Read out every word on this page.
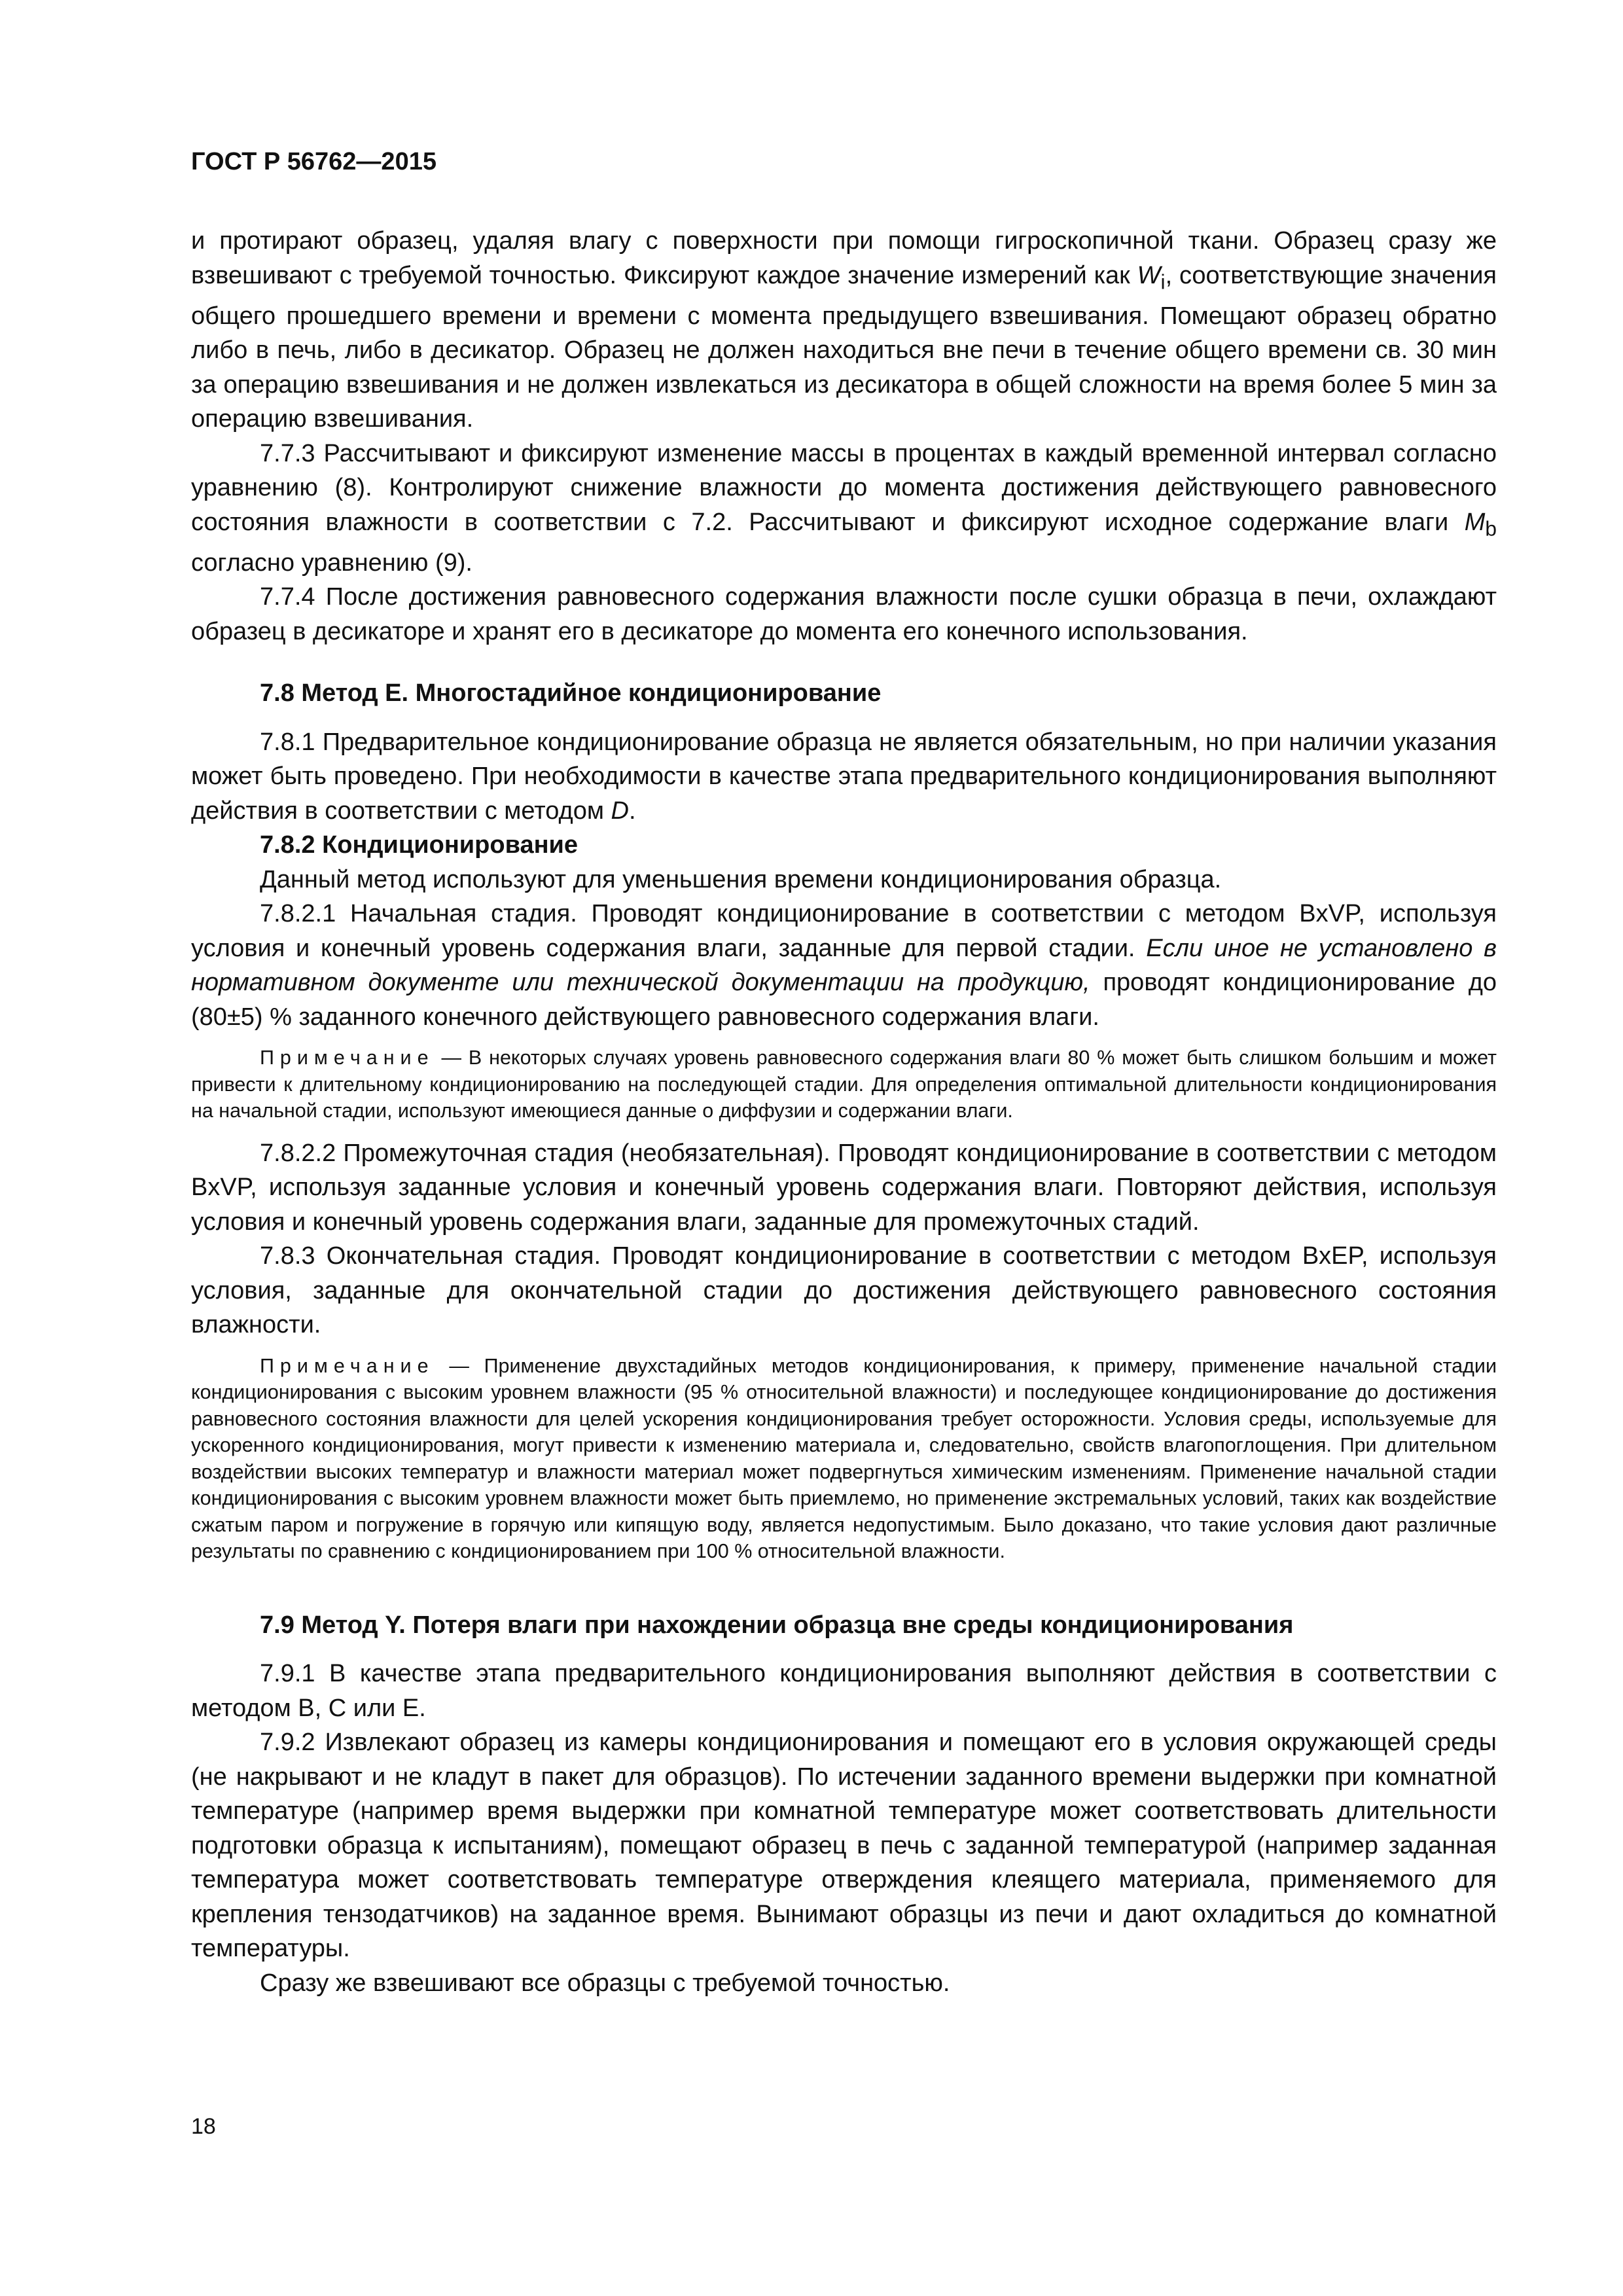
ГОСТ Р 56762—2015

и протирают образец, удаляя влагу с поверхности при помощи гигроскопичной ткани. Образец сразу же взвешивают с требуемой точностью. Фиксируют каждое значение измерений как $W_i$, соответствующие значения общего прошедшего времени и времени с момента предыдущего взвешивания. Помещают образец обратно либо в печь, либо в десикатор. Образец не должен находиться вне печи в течение общего времени св. 30 мин за операцию взвешивания и не должен извлекаться из десикатора в общей сложности на время более 5 мин за операцию взвешивания.

7.7.3 Рассчитывают и фиксируют изменение массы в процентах в каждый временной интервал согласно уравнению (8). Контролируют снижение влажности до момента достижения действующего равновесного состояния влажности в соответствии с 7.2. Рассчитывают и фиксируют исходное содержание влаги $M_b$ согласно уравнению (9).

7.7.4 После достижения равновесного содержания влажности после сушки образца в печи, охлаждают образец в десикаторе и хранят его в десикаторе до момента его конечного использования.

7.8 Метод Е. Многостадийное кондиционирование

7.8.1 Предварительное кондиционирование образца не является обязательным, но при наличии указания может быть проведено. При необходимости в качестве этапа предварительного кондиционирования выполняют действия в соответствии с методом D.

7.8.2 Кондиционирование

Данный метод используют для уменьшения времени кондиционирования образца.

7.8.2.1 Начальная стадия. Проводят кондиционирование в соответствии с методом BxVP, используя условия и конечный уровень содержания влаги, заданные для первой стадии. Если иное не установлено в нормативном документе или технической документации на продукцию, проводят кондиционирование до (80±5) % заданного конечного действующего равновесного содержания влаги.

Примечание — В некоторых случаях уровень равновесного содержания влаги 80 % может быть слишком большим и может привести к длительному кондиционированию на последующей стадии. Для определения оптимальной длительности кондиционирования на начальной стадии, используют имеющиеся данные о диффузии и содержании влаги.

7.8.2.2 Промежуточная стадия (необязательная). Проводят кондиционирование в соответствии с методом BxVP, используя заданные условия и конечный уровень содержания влаги. Повторяют действия, используя условия и конечный уровень содержания влаги, заданные для промежуточных стадий.

7.8.3 Окончательная стадия. Проводят кондиционирование в соответствии с методом BxEP, используя условия, заданные для окончательной стадии до достижения действующего равновесного состояния влажности.

Примечание — Применение двухстадийных методов кондиционирования, к примеру, применение начальной стадии кондиционирования с высоким уровнем влажности (95 % относительной влажности) и последующее кондиционирование до достижения равновесного состояния влажности для целей ускорения кондиционирования требует осторожности. Условия среды, используемые для ускоренного кондиционирования, могут привести к изменению материала и, следовательно, свойств влагопоглощения. При длительном воздействии высоких температур и влажности материал может подвергнуться химическим изменениям. Применение начальной стадии кондиционирования с высоким уровнем влажности может быть приемлемо, но применение экстремальных условий, таких как воздействие сжатым паром и погружение в горячую или кипящую воду, является недопустимым. Было доказано, что такие условия дают различные результаты по сравнению с кондиционированием при 100 % относительной влажности.

7.9 Метод Y. Потеря влаги при нахождении образца вне среды кондиционирования

7.9.1 В качестве этапа предварительного кондиционирования выполняют действия в соответствии с методом В, С или Е.

7.9.2 Извлекают образец из камеры кондиционирования и помещают его в условия окружающей среды (не накрывают и не кладут в пакет для образцов). По истечении заданного времени выдержки при комнатной температуре (например время выдержки при комнатной температуре может соответствовать длительности подготовки образца к испытаниям), помещают образец в печь с заданной температурой (например заданная температура может соответствовать температуре отверждения клеящего материала, применяемого для крепления тензодатчиков) на заданное время. Вынимают образцы из печи и дают охладиться до комнатной температуры.

Сразу же взвешивают все образцы с требуемой точностью.

18
